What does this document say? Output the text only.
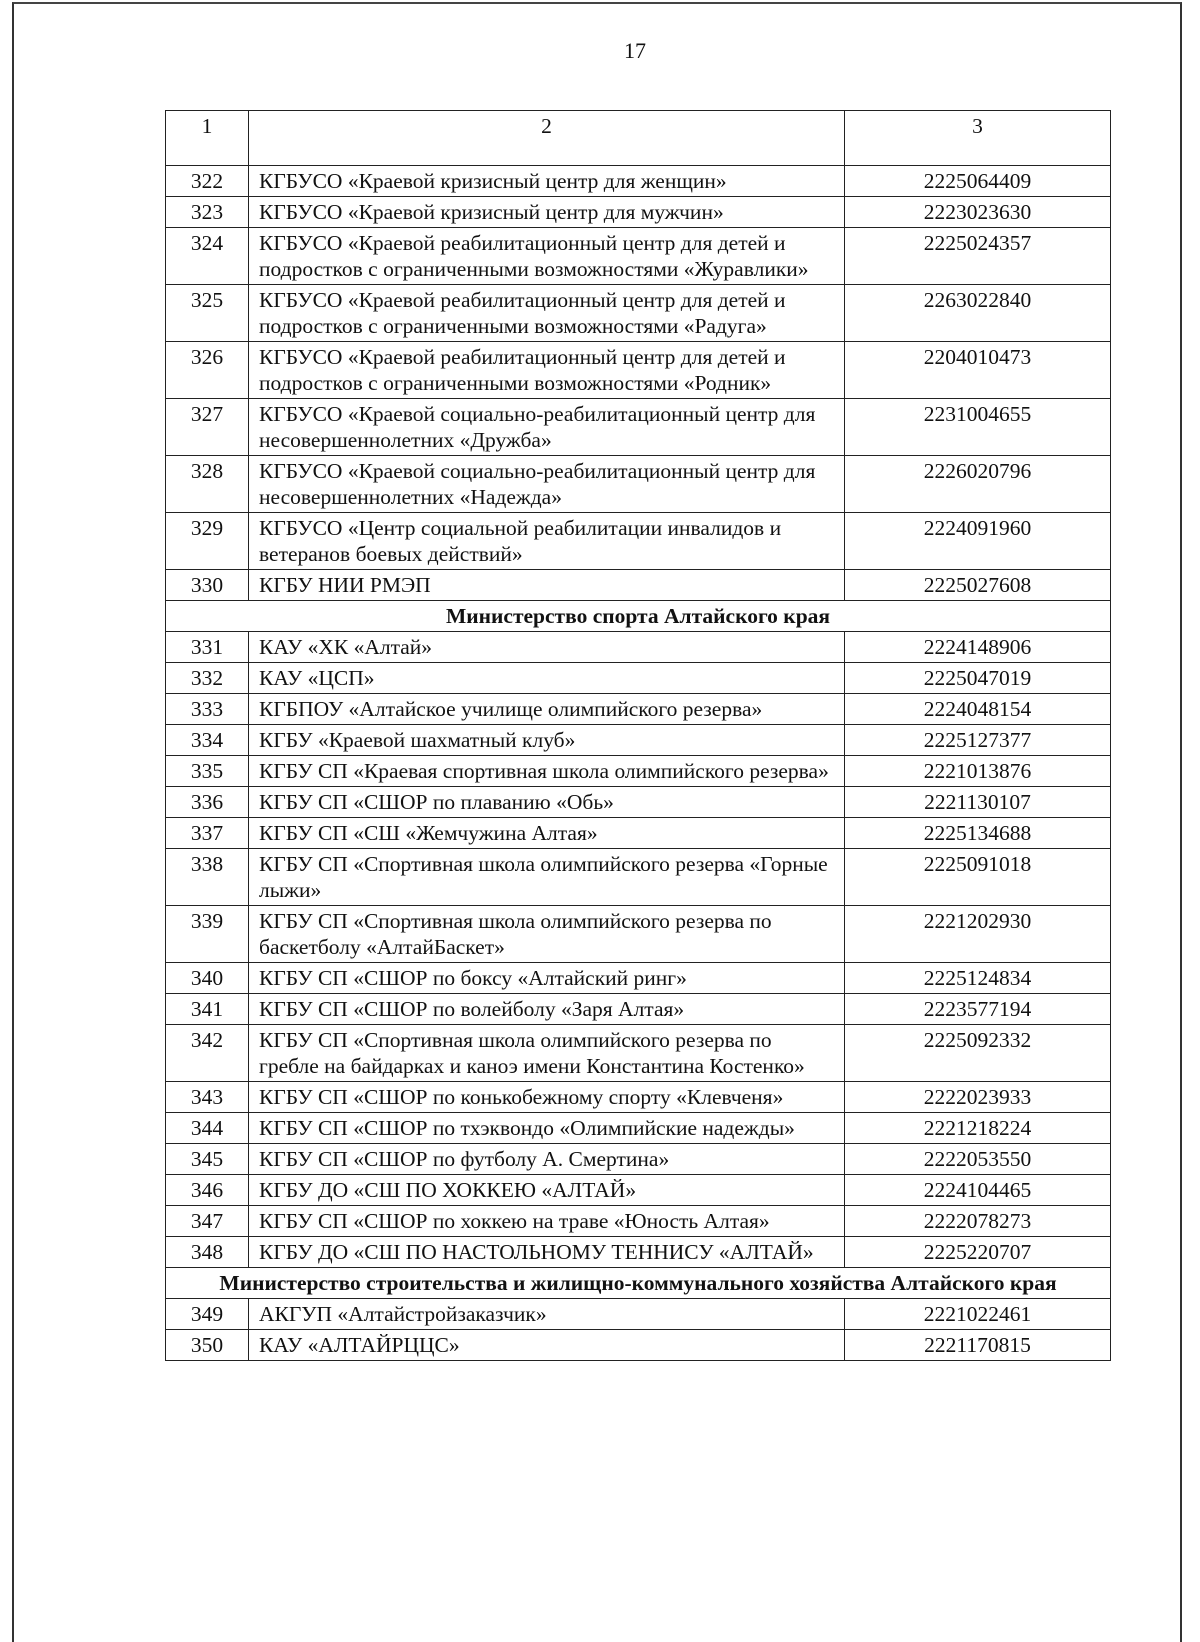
17
1	2	3
322	КГБУСО «Краевой кризисный центр для женщин»	2225064409
323	КГБУСО «Краевой кризисный центр для мужчин»	2223023630
324	КГБУСО «Краевой реабилитационный центр для детей и подростков с ограниченными возможностями «Журавлики»	2225024357
325	КГБУСО «Краевой реабилитационный центр для детей и подростков с ограниченными возможностями «Радуга»	2263022840
326	КГБУСО «Краевой реабилитационный центр для детей и подростков с ограниченными возможностями «Родник»	2204010473
327	КГБУСО «Краевой социально-реабилитационный центр для несовершеннолетних «Дружба»	2231004655
328	КГБУСО «Краевой социально-реабилитационный центр для несовершеннолетних «Надежда»	2226020796
329	КГБУСО «Центр социальной реабилитации инвалидов и ветеранов боевых действий»	2224091960
330	КГБУ НИИ РМЭП	2225027608
Министерство спорта Алтайского края		
331	КАУ «ХК «Алтай»	2224148906
332	КАУ «ЦСП»	2225047019
333	КГБПОУ «Алтайское училище олимпийского резерва»	2224048154
334	КГБУ «Краевой шахматный клуб»	2225127377
335	КГБУ СП «Краевая спортивная школа олимпийского резерва»	2221013876
336	КГБУ СП «СШОР по плаванию «Обь»	2221130107
337	КГБУ СП «СШ «Жемчужина Алтая»	2225134688
338	КГБУ СП «Спортивная школа олимпийского резерва «Горные лыжи»	2225091018
339	КГБУ СП «Спортивная школа олимпийского резерва по баскетболу «АлтайБаскет»	2221202930
340	КГБУ СП «СШОР по боксу «Алтайский ринг»	2225124834
341	КГБУ СП «СШОР по волейболу «Заря Алтая»	2223577194
342	КГБУ СП «Спортивная школа олимпийского резерва по гребле на байдарках и каноэ имени Константина Костенко»	2225092332
343	КГБУ СП «СШОР по конькобежному спорту «Клевченя»	2222023933
344	КГБУ СП «СШОР по тхэквондо «Олимпийские надежды»	2221218224
345	КГБУ СП «СШОР по футболу А. Смертина»	2222053550
346	КГБУ ДО «СШ ПО ХОККЕЮ «АЛТАЙ»	2224104465
347	КГБУ СП «СШОР по хоккею на траве «Юность Алтая»	2222078273
348	КГБУ ДО «СШ ПО НАСТОЛЬНОМУ ТЕННИСУ «АЛТАЙ»	2225220707
Министерство строительства и жилищно-коммунального хозяйства Алтайского края		
349	АКГУП «Алтайстройзаказчик»	2221022461
350	КАУ «АЛТАЙРЦЦС»	2221170815
